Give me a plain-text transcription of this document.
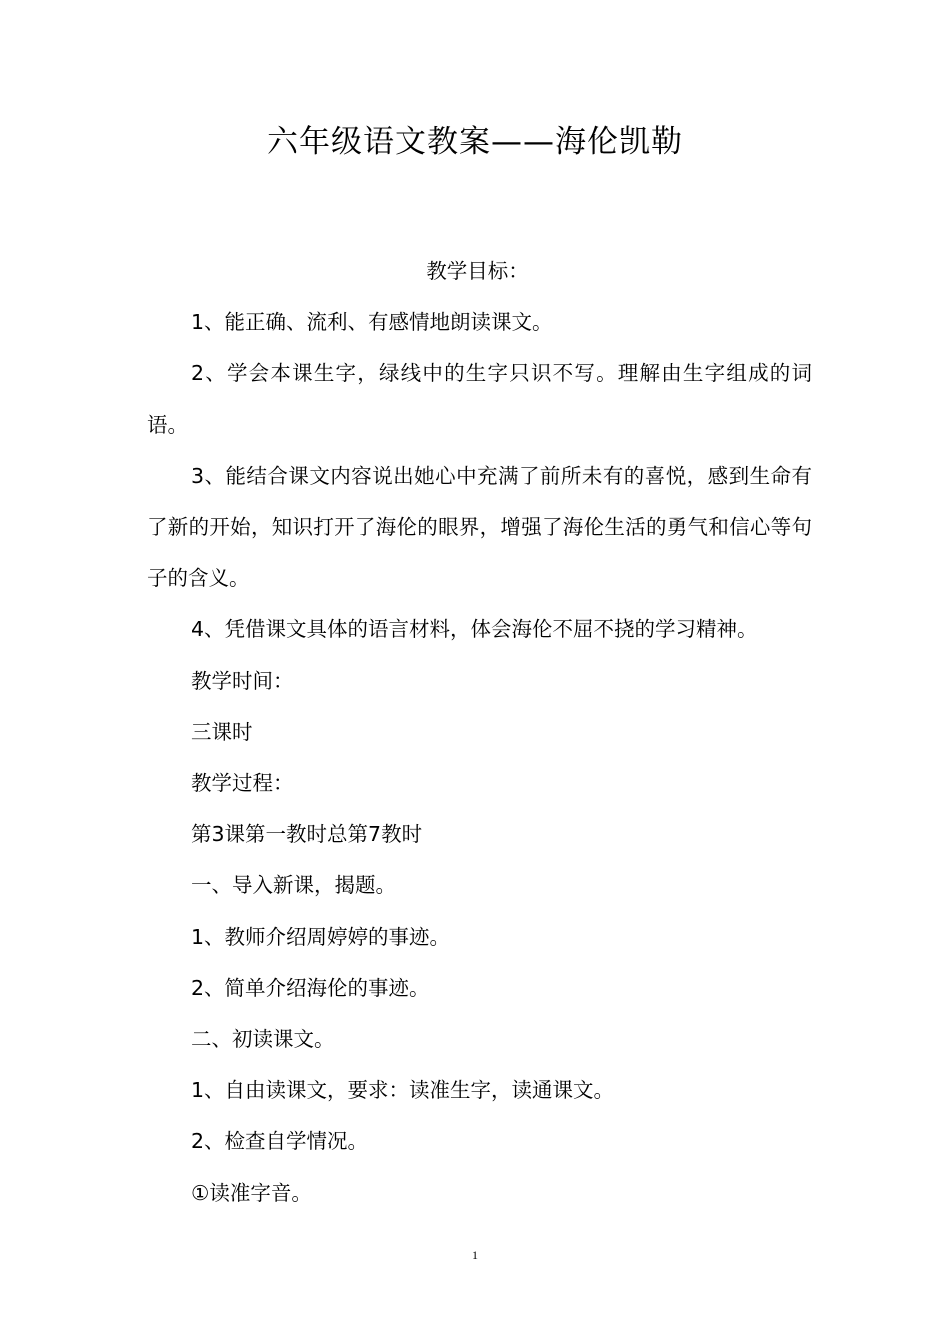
六年级语文教案——海伦凯勒

教学目标：

1、能正确、流利、有感情地朗读课文。

2、学会本课生字，绿线中的生字只识不写。理解由生字组成的词语。

3、能结合课文内容说出她心中充满了前所未有的喜悦，感到生命有了新的开始，知识打开了海伦的眼界，增强了海伦生活的勇气和信心等句子的含义。

4、凭借课文具体的语言材料，体会海伦不屈不挠的学习精神。

教学时间：

三课时

教学过程：

第3课第一教时总第7教时

一、导入新课，揭题。

1、教师介绍周婷婷的事迹。

2、简单介绍海伦的事迹。

二、初读课文。

1、自由读课文，要求：读准生字，读通课文。

2、检查自学情况。

①读准字音。

1
